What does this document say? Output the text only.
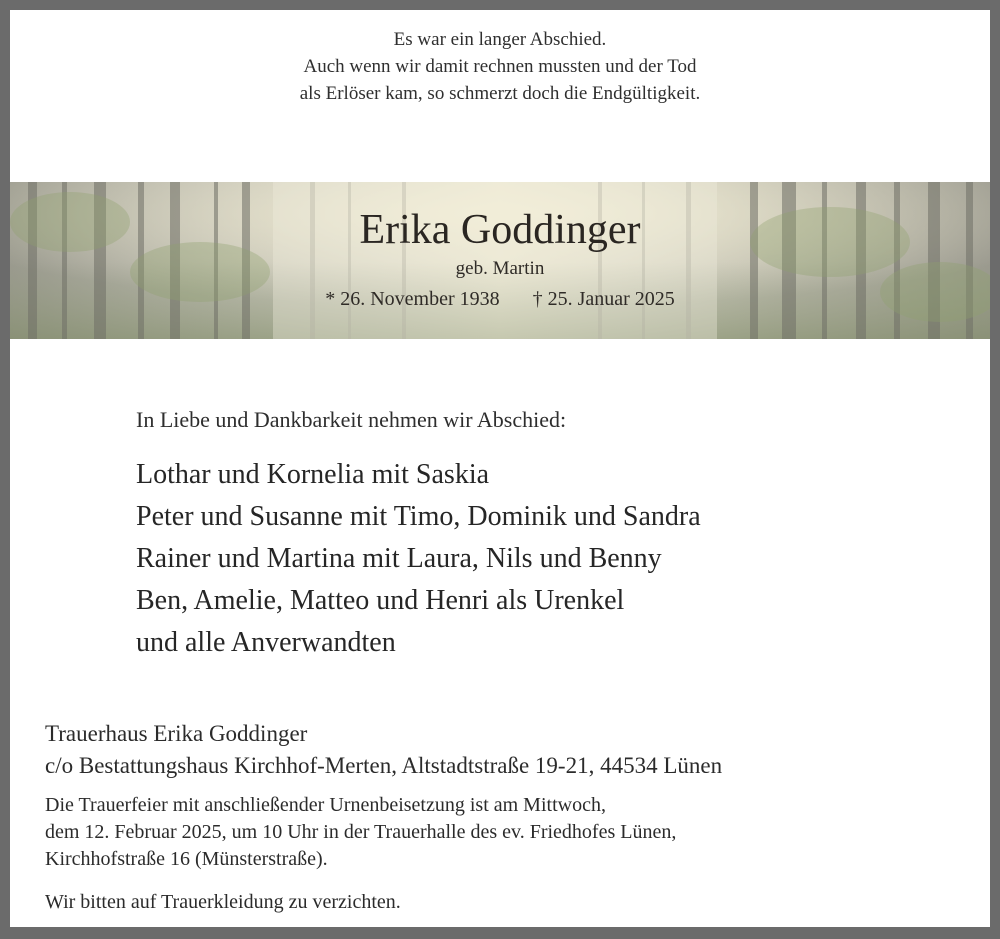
Es war ein langer Abschied.
Auch wenn wir damit rechnen mussten und der Tod
als Erlöser kam, so schmerzt doch die Endgültigkeit.
Erika Goddinger
geb. Martin
* 26. November 1938 † 25. Januar 2025
In Liebe und Dankbarkeit nehmen wir Abschied:
Lothar und Kornelia mit Saskia
Peter und Susanne mit Timo, Dominik und Sandra
Rainer und Martina mit Laura, Nils und Benny
Ben, Amelie, Matteo und Henri als Urenkel
und alle Anverwandten
Trauerhaus Erika Goddinger
c/o Bestattungshaus Kirchhof-Merten, Altstadtstraße 19-21, 44534 Lünen
Die Trauerfeier mit anschließender Urnenbeisetzung ist am Mittwoch,
dem 12. Februar 2025, um 10 Uhr in der Trauerhalle des ev. Friedhofes Lünen,
Kirchhofstraße 16 (Münsterstraße).
Wir bitten auf Trauerkleidung zu verzichten.
